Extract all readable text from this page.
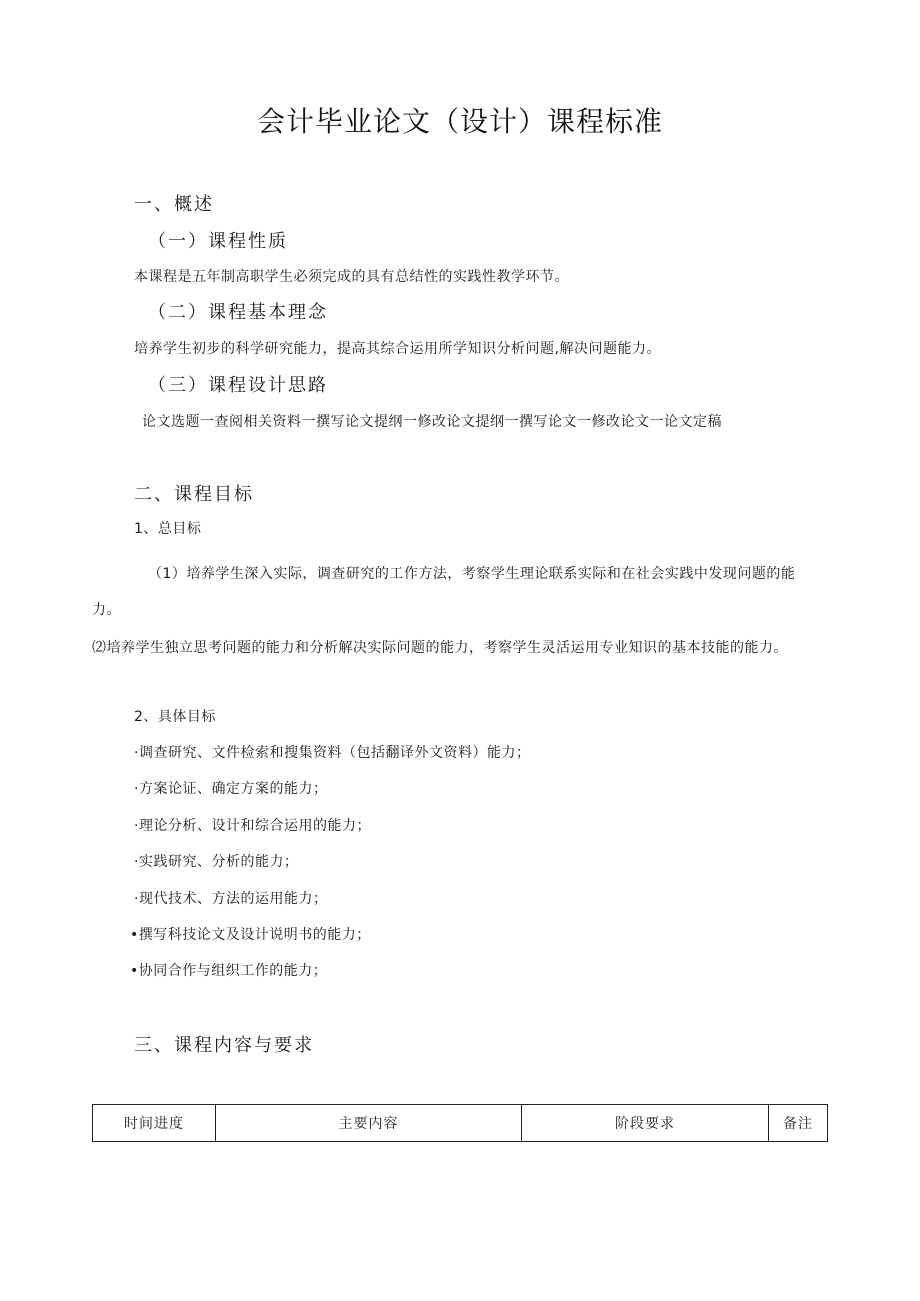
会计毕业论文（设计）课程标准
一、概述
（一）课程性质
本课程是五年制高职学生必须完成的具有总结性的实践性教学环节。
（二）课程基本理念
培养学生初步的科学研究能力，提高其综合运用所学知识分析问题,解决问题能力。
（三）课程设计思路
论文选题一查阅相关资料一撰写论文提纲一修改论文提纲一撰写论文一修改论文一论文定稿
二、课程目标
1、总目标
（1）培养学生深入实际，调查研究的工作方法，考察学生理论联系实际和在社会实践中发现问题的能力。
⑵培养学生独立思考问题的能力和分析解决实际问题的能力，考察学生灵活运用专业知识的基本技能的能力。
2、具体目标
·调查研究、文件检索和搜集资料（包括翻译外文资料）能力；
·方案论证、确定方案的能力；
·理论分析、设计和综合运用的能力；
·实践研究、分析的能力；
·现代技术、方法的运用能力；
•撰写科技论文及设计说明书的能力；
•协同合作与组织工作的能力；
三、课程内容与要求
时间进度	主要内容	阶段要求	备注
